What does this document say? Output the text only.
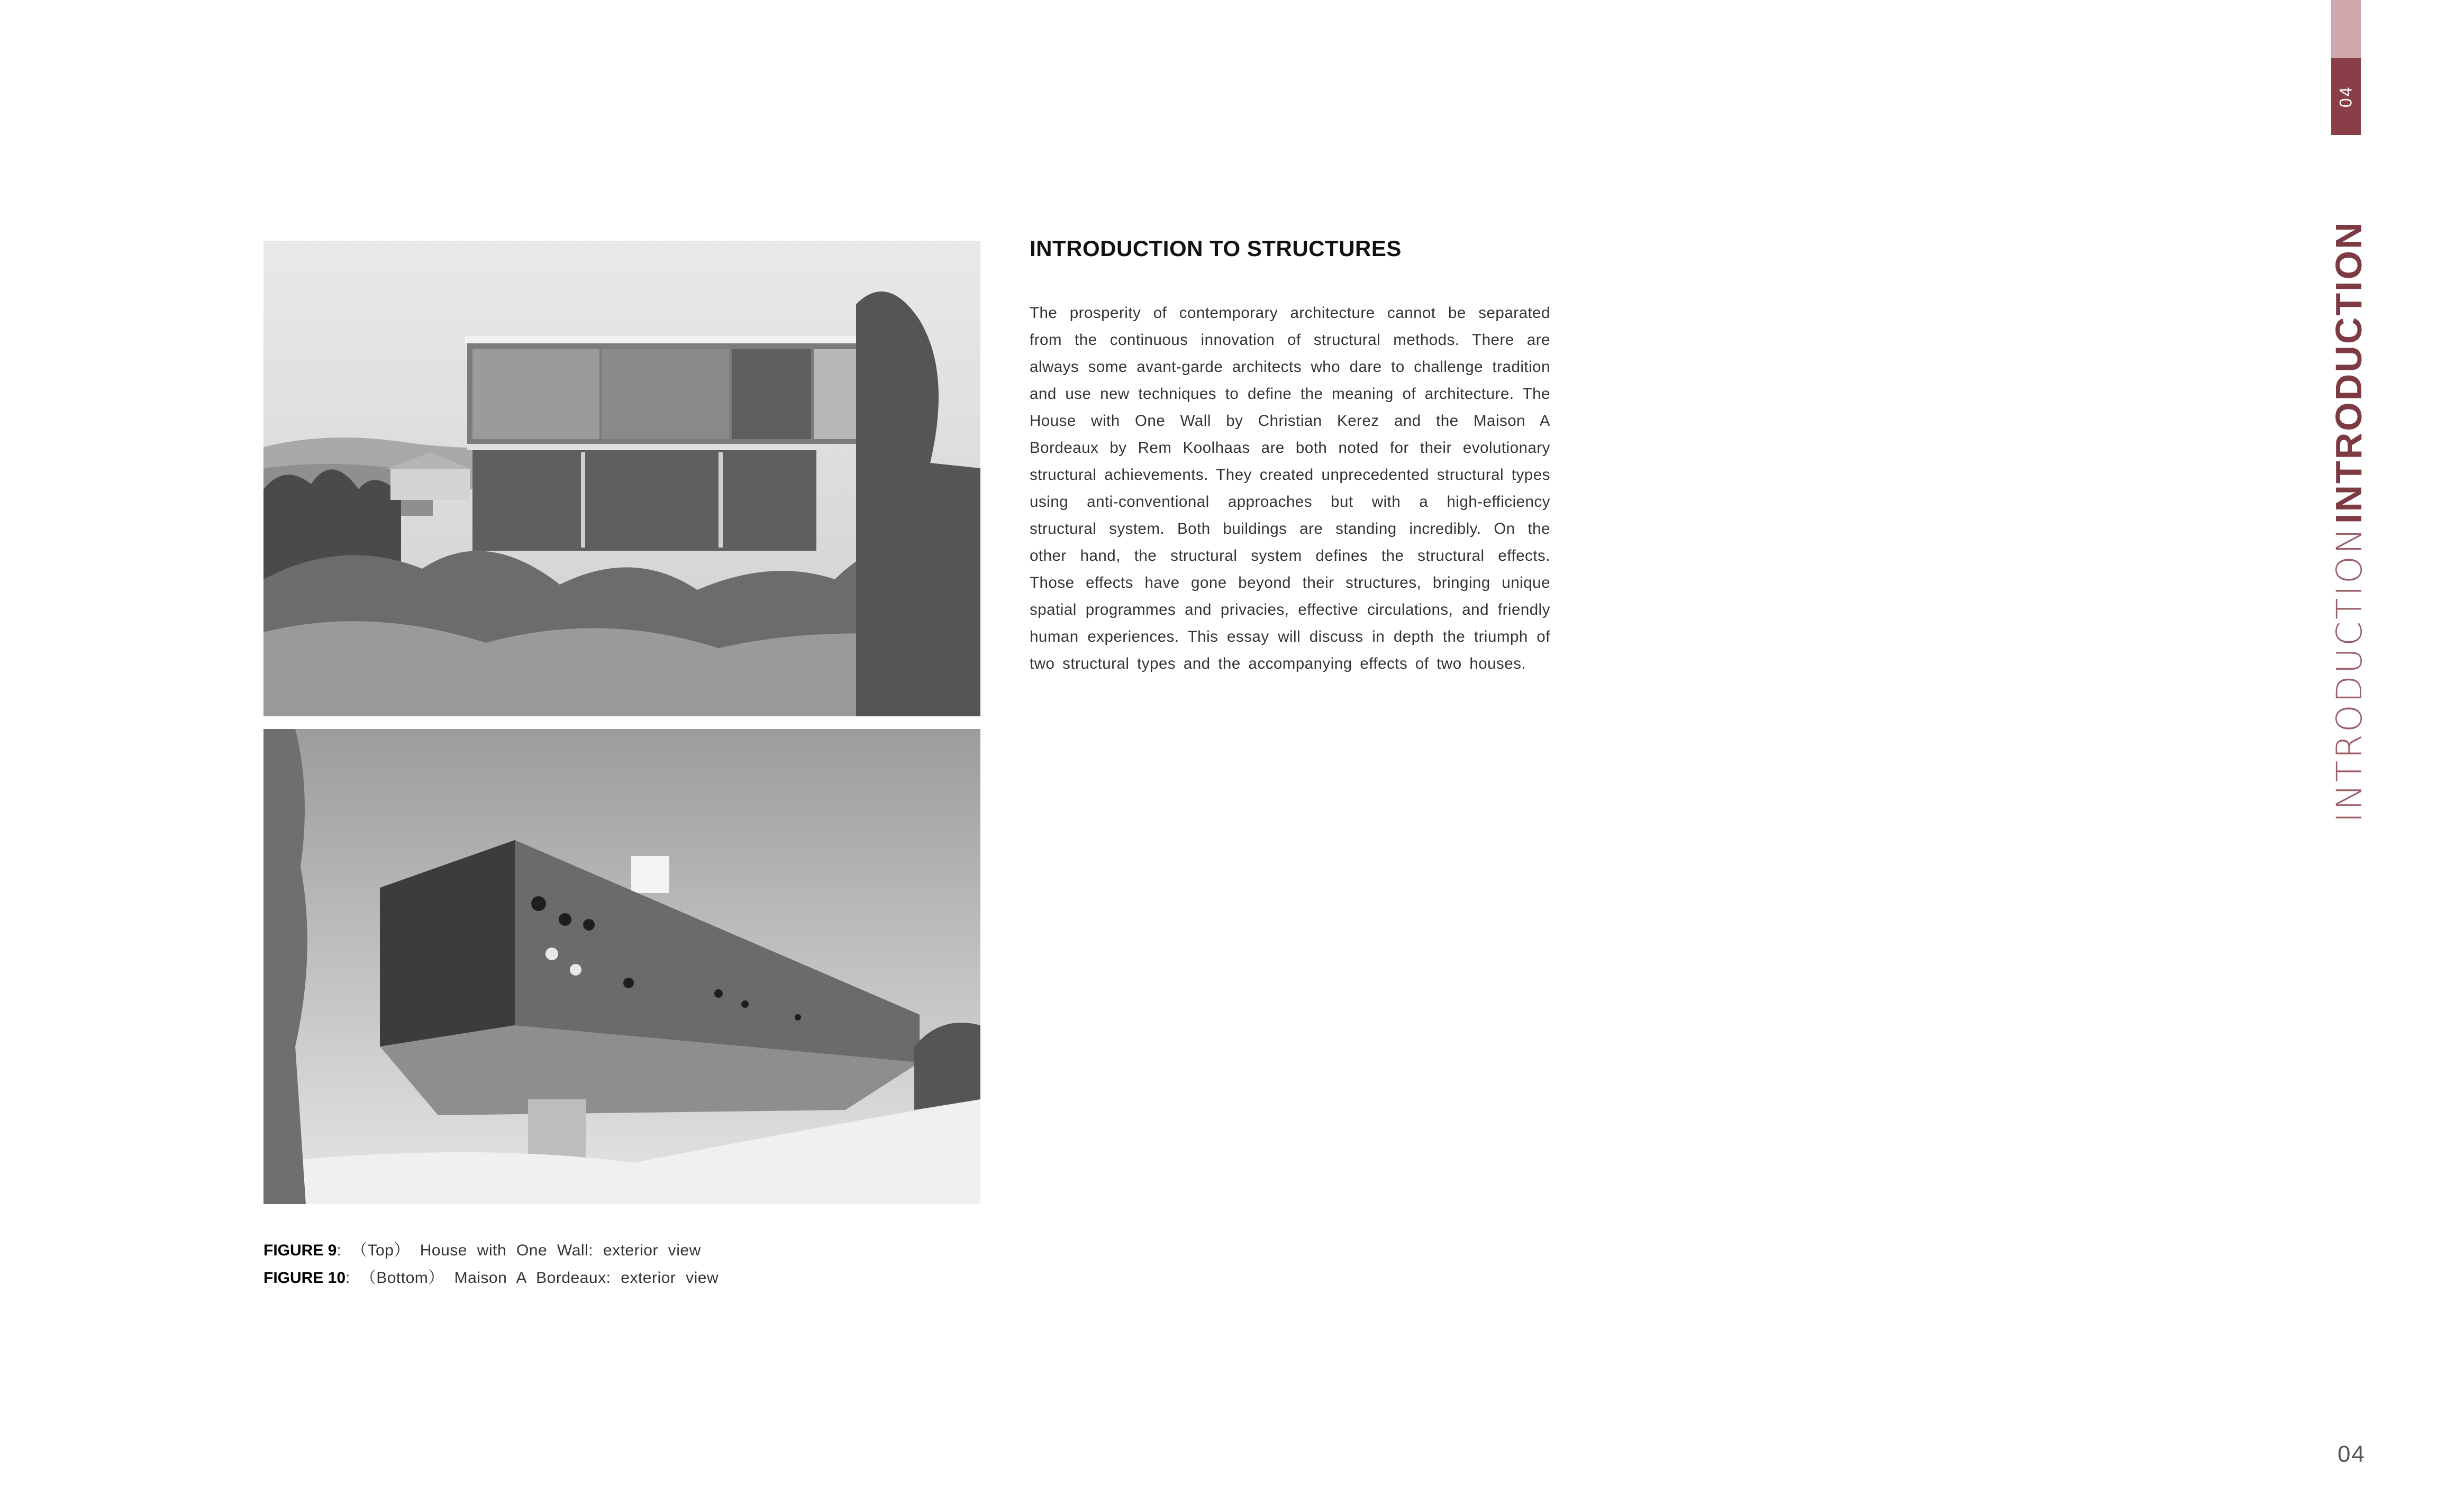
FIGURE 9: （Top） House with One Wall: exterior view
FIGURE 10: （Bottom） Maison A Bordeaux: exterior view
INTRODUCTION TO STRUCTURES
The prosperity of contemporary architecture cannot be separated from the continuous innovation of structural methods. There are always some avant-garde architects who dare to challenge tradition and use new techniques to define the meaning of architecture. The House with One Wall by Christian Kerez and the Maison A Bordeaux by Rem Koolhaas are both noted for their evolutionary structural achievements. They created unprecedented structural types using anti-conventional approaches but with a high-efficiency structural system. Both buildings are standing incredibly. On the other hand, the structural system defines the structural effects. Those effects have gone beyond their structures, bringing unique spatial programmes and privacies, effective circulations, and friendly human experiences. This essay will discuss in depth the triumph of two structural types and the accompanying effects of two houses.
04
INTRODUCTION
INTRODUCTION
04
